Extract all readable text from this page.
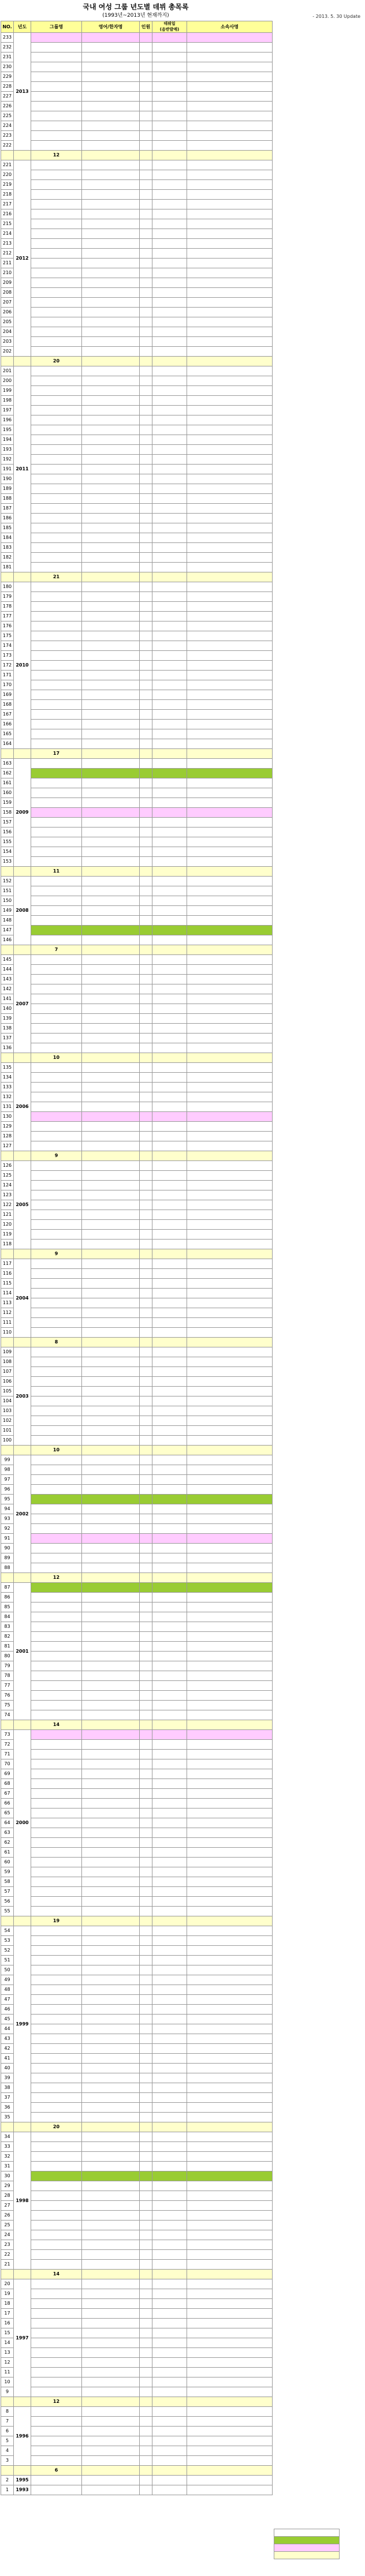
국내 여성 그룹 년도별 데뷔 총목록
(1993년~2013년 현재까지)	- 2013. 5. 30 Update
NO.	년도	그룹명	영어/한자명	인원	데뷔일
(음반발매)	소속사명
233	2013					
232						
231						
230						
229						
228						
227						
226						
225						
224						
223						
222						
		12				
221	2012					
220						
219						
218						
217						
216						
215						
214						
213						
212						
211						
210						
209						
208						
207						
206						
205						
204						
203						
202						
		20				
201	2011					
200						
199						
198						
197						
196						
195						
194						
193						
192						
191						
190						
189						
188						
187						
186						
185						
184						
183						
182						
181						
		21				
180	2010					
179						
178						
177						
176						
175						
174						
173						
172						
171						
170						
169						
168						
167						
166						
165						
164						
		17				
163	2009					
162						
161						
160						
159						
158						
157						
156						
155						
154						
153						
		11				
152	2008					
151						
150						
149						
148						
147						
146						
		7				
145	2007					
144						
143						
142						
141						
140						
139						
138						
137						
136						
		10				
135	2006					
134						
133						
132						
131						
130						
129						
128						
127						
		9				
126	2005					
125						
124						
123						
122						
121						
120						
119						
118						
		9				
117	2004					
116						
115						
114						
113						
112						
111						
110						
		8				
109	2003					
108						
107						
106						
105						
104						
103						
102						
101						
100						
		10				
99	2002					
98						
97						
96						
95						
94						
93						
92						
91						
90						
89						
88						
		12				
87	2001					
86						
85						
84						
83						
82						
81						
80						
79						
78						
77						
76						
75						
74						
		14				
73	2000					
72						
71						
70						
69						
68						
67						
66						
65						
64						
63						
62						
61						
60						
59						
58						
57						
56						
55						
		19				
54	1999					
53						
52						
51						
50						
49						
48						
47						
46						
45						
44						
43						
42						
41						
40						
39						
38						
37						
36						
35						
		20				
34	1998					
33						
32						
31						
30						
29						
28						
27						
26						
25						
24						
23						
22						
21						
		14				
20	1997					
19						
18						
17						
16						
15						
14						
13						
12						
11						
10						
9						
		12				
8	1996					
7						
6						
5						
4						
3						
		6				
2	1995					
1	1993					
